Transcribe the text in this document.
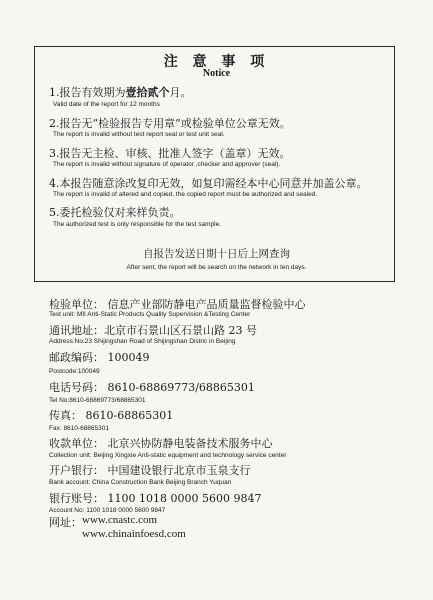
注 意 事 项
Notice
1.报告有效期为壹拾贰个月。
Valid date of the report for 12 months
2.报告无“检验报告专用章”或检验单位公章无效。
The report is invalid without test report seal or test unit seal.
3.报告无主检、审核、批准人签字（盖章）无效。
The report is invalid without signature of operator ,checker and approver (seal).
4.本报告随意涂改复印无效，如复印需经本中心同意并加盖公章。
The report is invalid of altered and copied, the copied report must be authorized and sealed.
5.委托检验仅对来样负责。
The authorized test is only responsible for the test sample.
自报告发送日期十日后上网查询
After sent, the report will be search on the network in ten days.
检验单位： 信息产业部防静电产品质量监督检验中心
Test unit: MII Anti-Static Products Quality Supervision &Testing Center
通讯地址：北京市石景山区石景山路 23 号
Address:No.23 Shijingshan Road of Shijingshan Distric in Beijing
邮政编码： 100049
Postcode:100049
电话号码： 8610-68869773/68865301
Tel No:8610-68869773/68865301
传真： 8610-68865301
Fax: 8610-68865301
收款单位： 北京兴协防静电装备技术服务中心
Collection unit: Beijing Xingxie Anti-static equipment and technology service center
开户银行： 中国建设银行北京市玉泉支行
Bank account: China Construction Bank Beijing Branch Yuquan
银行账号： 1100 1018 0000 5600 9847
Account No: 1100 1018 0000 5600 9847
网址： www.cnastc.com
www.chinainfoesd.com
